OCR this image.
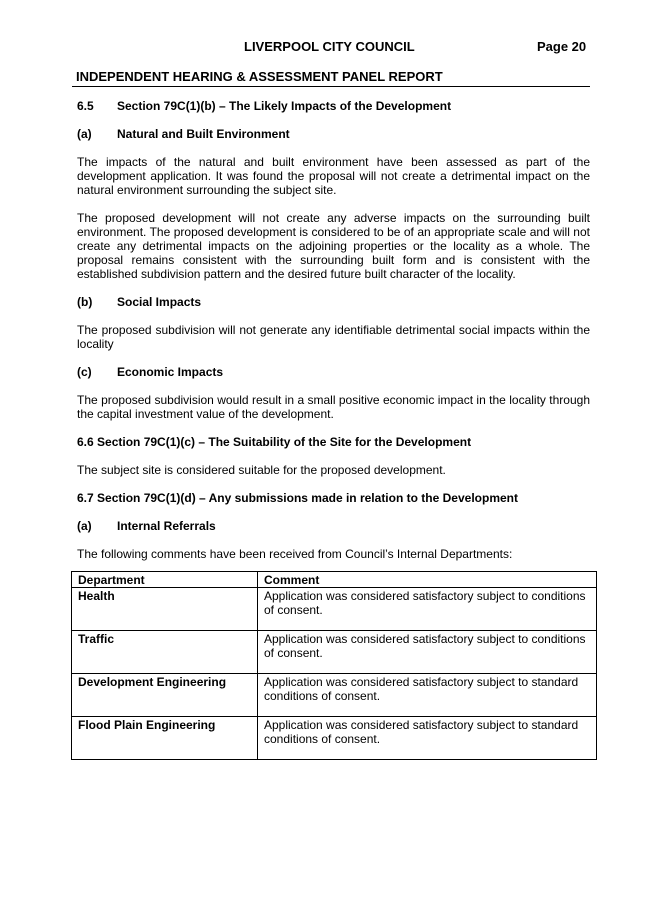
LIVERPOOL CITY COUNCIL	Page 20
INDEPENDENT HEARING & ASSESSMENT PANEL REPORT

6.5 Section 79C(1)(b) – The Likely Impacts of the Development

(a) Natural and Built Environment

The impacts of the natural and built environment have been assessed as part of the development application. It was found the proposal will not create a detrimental impact on the natural environment surrounding the subject site.

The proposed development will not create any adverse impacts on the surrounding built environment. The proposed development is considered to be of an appropriate scale and will not create any detrimental impacts on the adjoining properties or the locality as a whole. The proposal remains consistent with the surrounding built form and is consistent with the established subdivision pattern and the desired future built character of the locality.

(b) Social Impacts

The proposed subdivision will not generate any identifiable detrimental social impacts within the locality

(c) Economic Impacts

The proposed subdivision would result in a small positive economic impact in the locality through the capital investment value of the development.

6.6 Section 79C(1)(c) – The Suitability of the Site for the Development

The subject site is considered suitable for the proposed development.

6.7 Section 79C(1)(d) – Any submissions made in relation to the Development

(a) Internal Referrals

The following comments have been received from Council’s Internal Departments:

Department	Comment
Health	Application was considered satisfactory subject to conditions of consent.
Traffic	Application was considered satisfactory subject to conditions of consent.
Development Engineering	Application was considered satisfactory subject to standard conditions of consent.
Flood Plain Engineering	Application was considered satisfactory subject to standard conditions of consent.
